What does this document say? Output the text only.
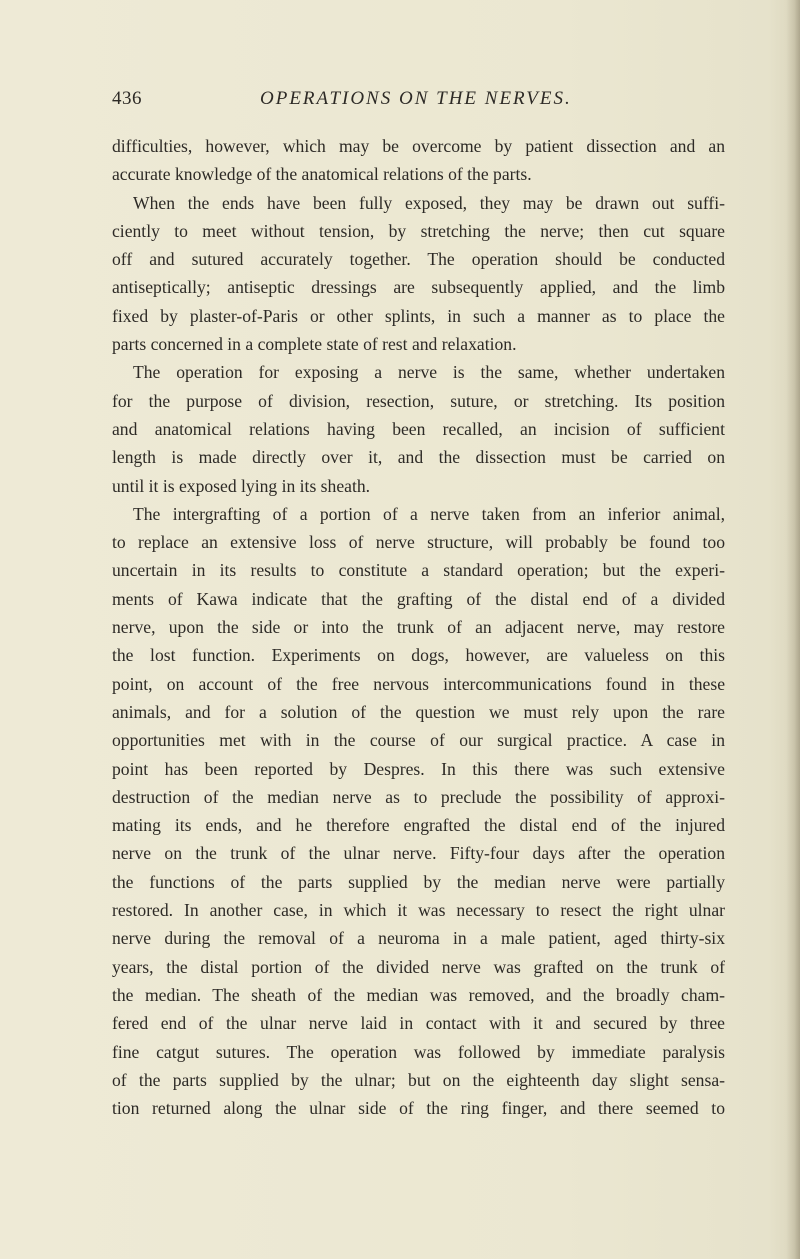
436	OPERATIONS ON THE NERVES.
difficulties, however, which may be overcome by patient dissection and an
accurate knowledge of the anatomical relations of the parts.
When the ends have been fully exposed, they may be drawn out suffi-
ciently to meet without tension, by stretching the nerve; then cut square
off and sutured accurately together. The operation should be conducted
antiseptically; antiseptic dressings are subsequently applied, and the limb
fixed by plaster-of-Paris or other splints, in such a manner as to place the
parts concerned in a complete state of rest and relaxation.
The operation for exposing a nerve is the same, whether undertaken
for the purpose of division, resection, suture, or stretching. Its position
and anatomical relations having been recalled, an incision of sufficient
length is made directly over it, and the dissection must be carried on
until it is exposed lying in its sheath.
The intergrafting of a portion of a nerve taken from an inferior animal,
to replace an extensive loss of nerve structure, will probably be found too
uncertain in its results to constitute a standard operation; but the experi-
ments of Kawa indicate that the grafting of the distal end of a divided
nerve, upon the side or into the trunk of an adjacent nerve, may restore
the lost function. Experiments on dogs, however, are valueless on this
point, on account of the free nervous intercommunications found in these
animals, and for a solution of the question we must rely upon the rare
opportunities met with in the course of our surgical practice. A case in
point has been reported by Despres. In this there was such extensive
destruction of the median nerve as to preclude the possibility of approxi-
mating its ends, and he therefore engrafted the distal end of the injured
nerve on the trunk of the ulnar nerve. Fifty-four days after the operation
the functions of the parts supplied by the median nerve were partially
restored. In another case, in which it was necessary to resect the right ulnar
nerve during the removal of a neuroma in a male patient, aged thirty-six
years, the distal portion of the divided nerve was grafted on the trunk of
the median. The sheath of the median was removed, and the broadly cham-
fered end of the ulnar nerve laid in contact with it and secured by three
fine catgut sutures. The operation was followed by immediate paralysis
of the parts supplied by the ulnar; but on the eighteenth day slight sensa-
tion returned along the ulnar side of the ring finger, and there seemed to
